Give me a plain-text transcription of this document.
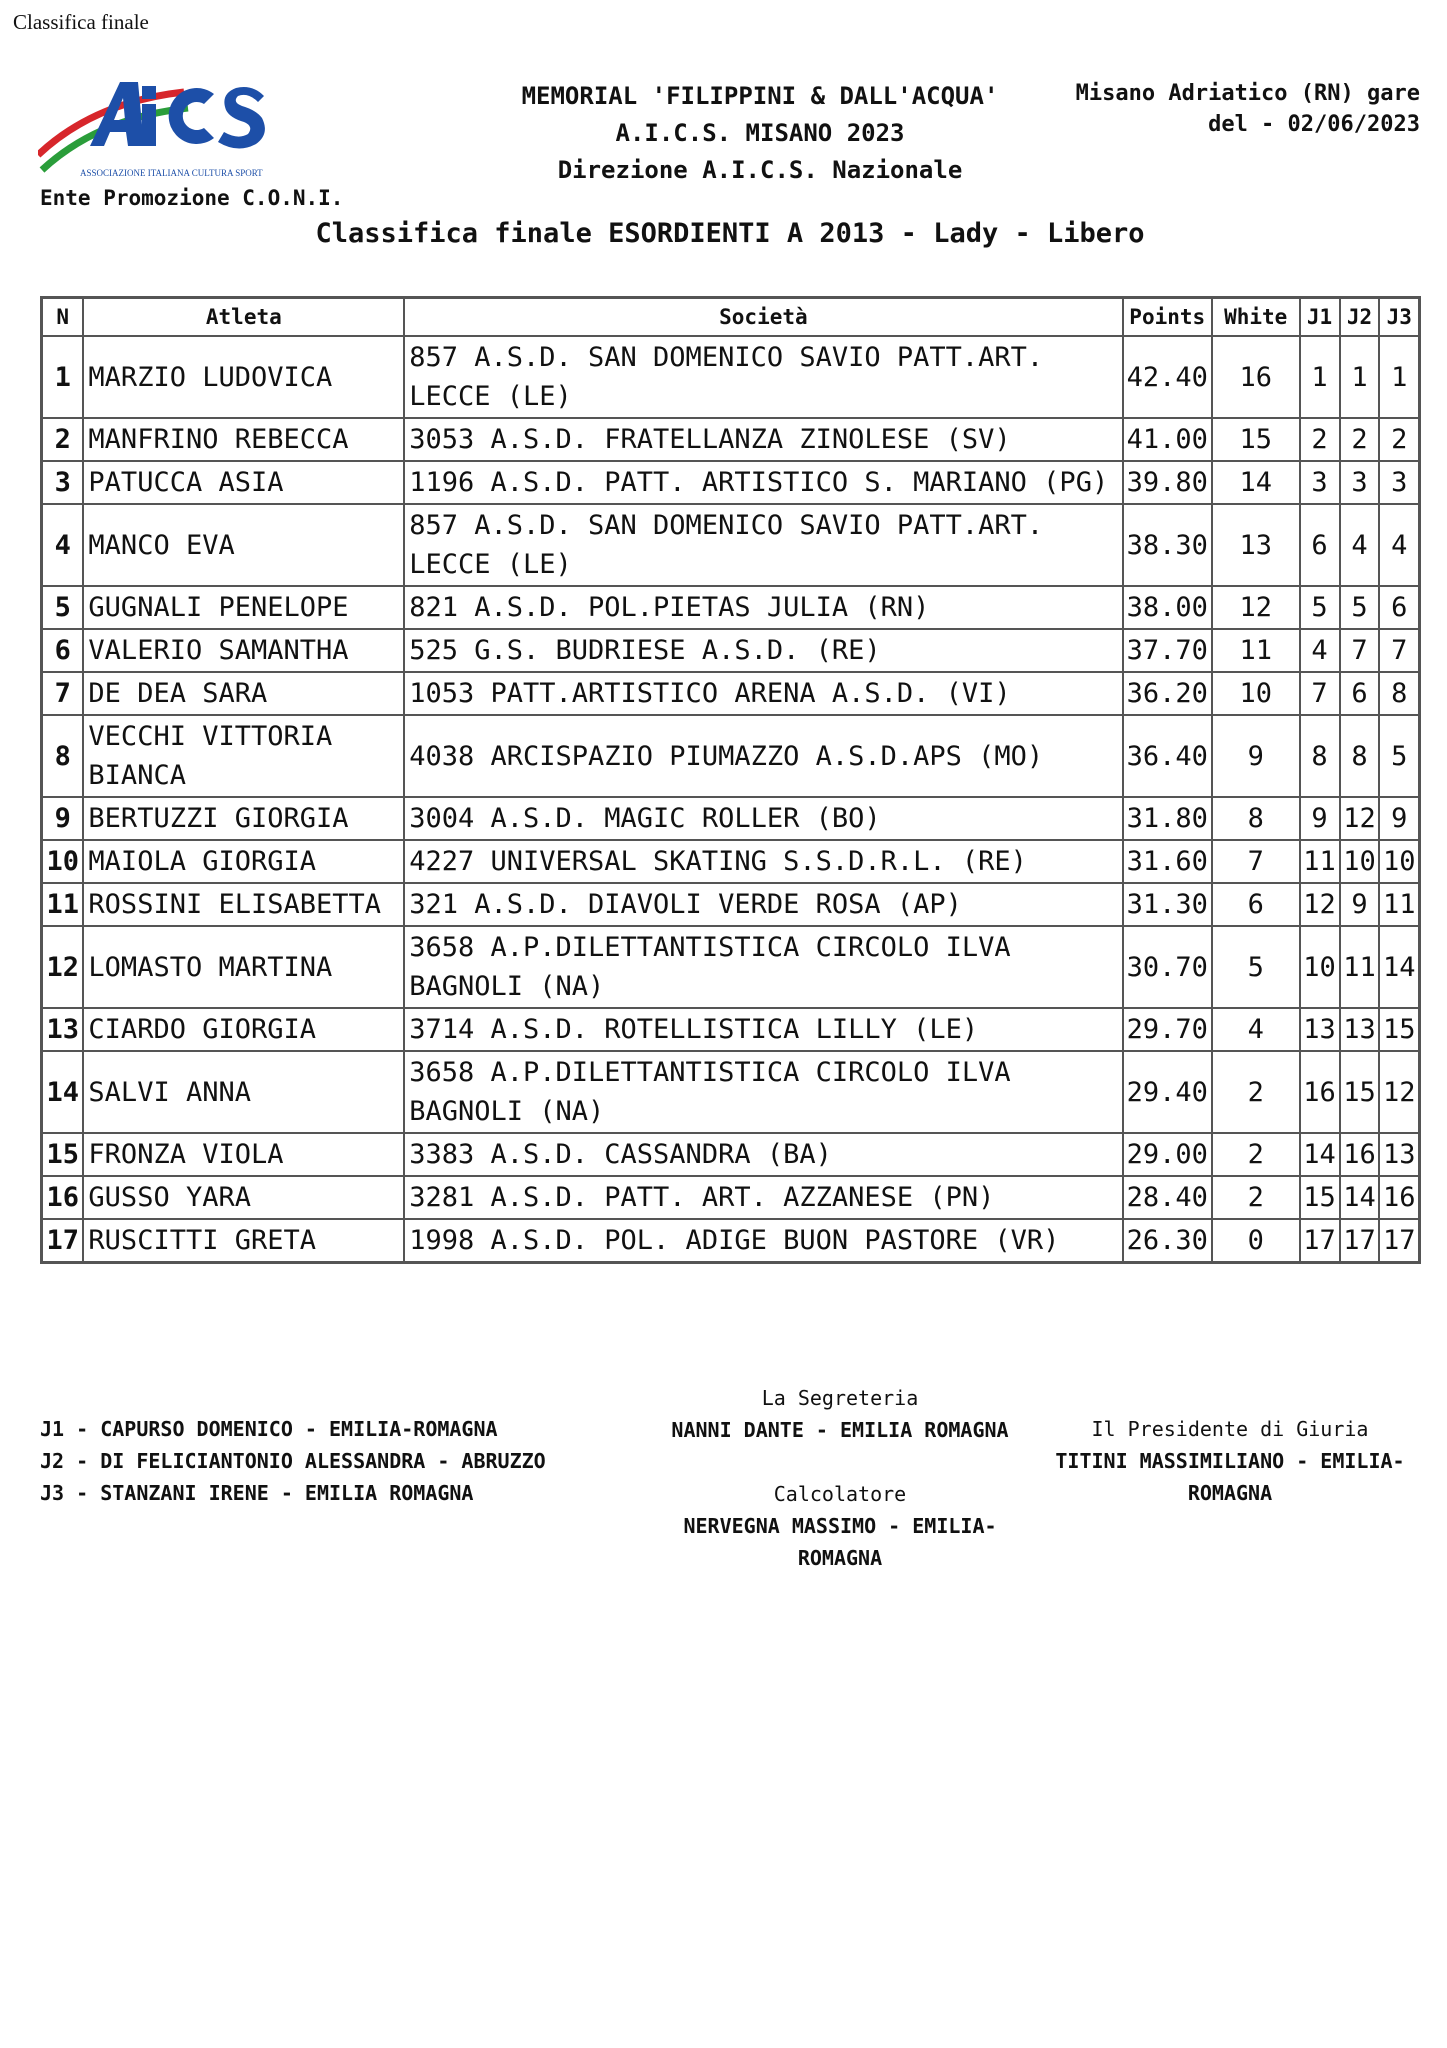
Classifica finale
ASSOCIAZIONE ITALIANA CULTURA SPORT
Ente Promozione C.O.N.I.
MEMORIAL 'FILIPPINI & DALL'ACQUA'
A.I.C.S. MISANO 2023
Direzione A.I.C.S. Nazionale
Misano Adriatico (RN) gare
del - 02/06/2023
Classifica finale ESORDIENTI A 2013 - Lady - Libero
N	Atleta	Società	Points	White	J1	J2	J3
1	MARZIO LUDOVICA	857 A.S.D. SAN DOMENICO SAVIO PATT.ART. LECCE (LE)	42.40	16	1	1	1
2	MANFRINO REBECCA	3053 A.S.D. FRATELLANZA ZINOLESE (SV)	41.00	15	2	2	2
3	PATUCCA ASIA	1196 A.S.D. PATT. ARTISTICO S. MARIANO (PG)	39.80	14	3	3	3
4	MANCO EVA	857 A.S.D. SAN DOMENICO SAVIO PATT.ART. LECCE (LE)	38.30	13	6	4	4
5	GUGNALI PENELOPE	821 A.S.D. POL.PIETAS JULIA (RN)	38.00	12	5	5	6
6	VALERIO SAMANTHA	525 G.S. BUDRIESE A.S.D. (RE)	37.70	11	4	7	7
7	DE DEA SARA	1053 PATT.ARTISTICO ARENA A.S.D. (VI)	36.20	10	7	6	8
8	VECCHI VITTORIA BIANCA	4038 ARCISPAZIO PIUMAZZO A.S.D.APS (MO)	36.40	9	8	8	5
9	BERTUZZI GIORGIA	3004 A.S.D. MAGIC ROLLER (BO)	31.80	8	9	12	9
10	MAIOLA GIORGIA	4227 UNIVERSAL SKATING S.S.D.R.L. (RE)	31.60	7	11	10	10
11	ROSSINI ELISABETTA	321 A.S.D. DIAVOLI VERDE ROSA (AP)	31.30	6	12	9	11
12	LOMASTO MARTINA	3658 A.P.DILETTANTISTICA CIRCOLO ILVA BAGNOLI (NA)	30.70	5	10	11	14
13	CIARDO GIORGIA	3714 A.S.D. ROTELLISTICA LILLY (LE)	29.70	4	13	13	15
14	SALVI ANNA	3658 A.P.DILETTANTISTICA CIRCOLO ILVA BAGNOLI (NA)	29.40	2	16	15	12
15	FRONZA VIOLA	3383 A.S.D. CASSANDRA (BA)	29.00	2	14	16	13
16	GUSSO YARA	3281 A.S.D. PATT. ART. AZZANESE (PN)	28.40	2	15	14	16
17	RUSCITTI GRETA	1998 A.S.D. POL. ADIGE BUON PASTORE (VR)	26.30	0	17	17	17
J1 - CAPURSO DOMENICO - EMILIA-ROMAGNA
J2 - DI FELICIANTONIO ALESSANDRA - ABRUZZO
J3 - STANZANI IRENE - EMILIA ROMAGNA
La Segreteria
NANNI DANTE - EMILIA ROMAGNA

Calcolatore
NERVEGNA MASSIMO - EMILIA-
ROMAGNA
Il Presidente di Giuria
TITINI MASSIMILIANO - EMILIA-
ROMAGNA
